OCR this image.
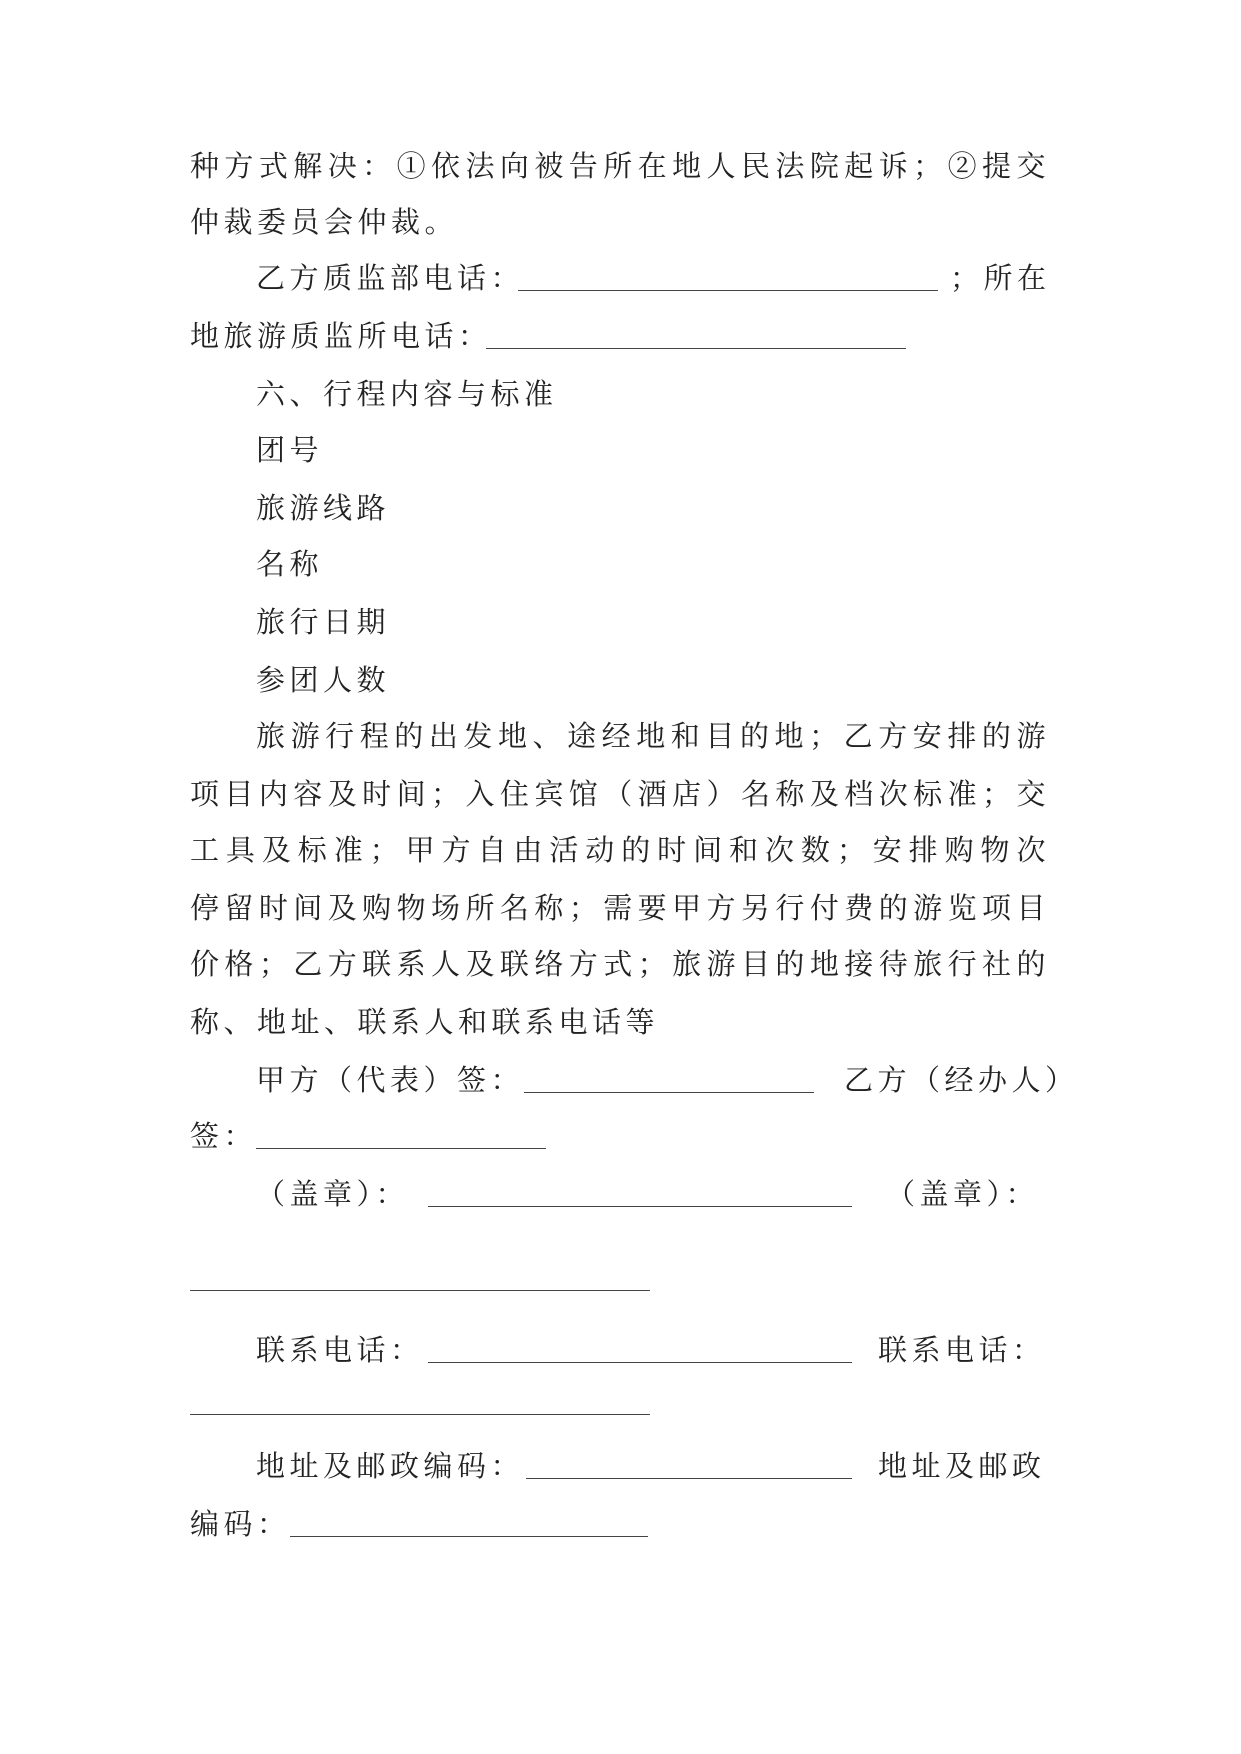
种方式解决：①依法向被告所在地人民法院起诉；②提交
仲裁委员会仲裁。
乙方质监部电话：	；所在
地旅游质监所电话：
六、行程内容与标准
团号
旅游线路
名称
旅行日期
参团人数
旅游行程的出发地、途经地和目的地；乙方安排的游
项目内容及时间；入住宾馆（酒店）名称及档次标准；交
工具及标准；甲方自由活动的时间和次数；安排购物次
停留时间及购物场所名称；需要甲方另行付费的游览项目
价格；乙方联系人及联络方式；旅游目的地接待旅行社的
称、地址、联系人和联系电话等
甲方（代表）签：	乙方（经办人）
签：
（盖章）：	（盖章）：
联系电话：	联系电话：
地址及邮政编码：	地址及邮政
编码：
